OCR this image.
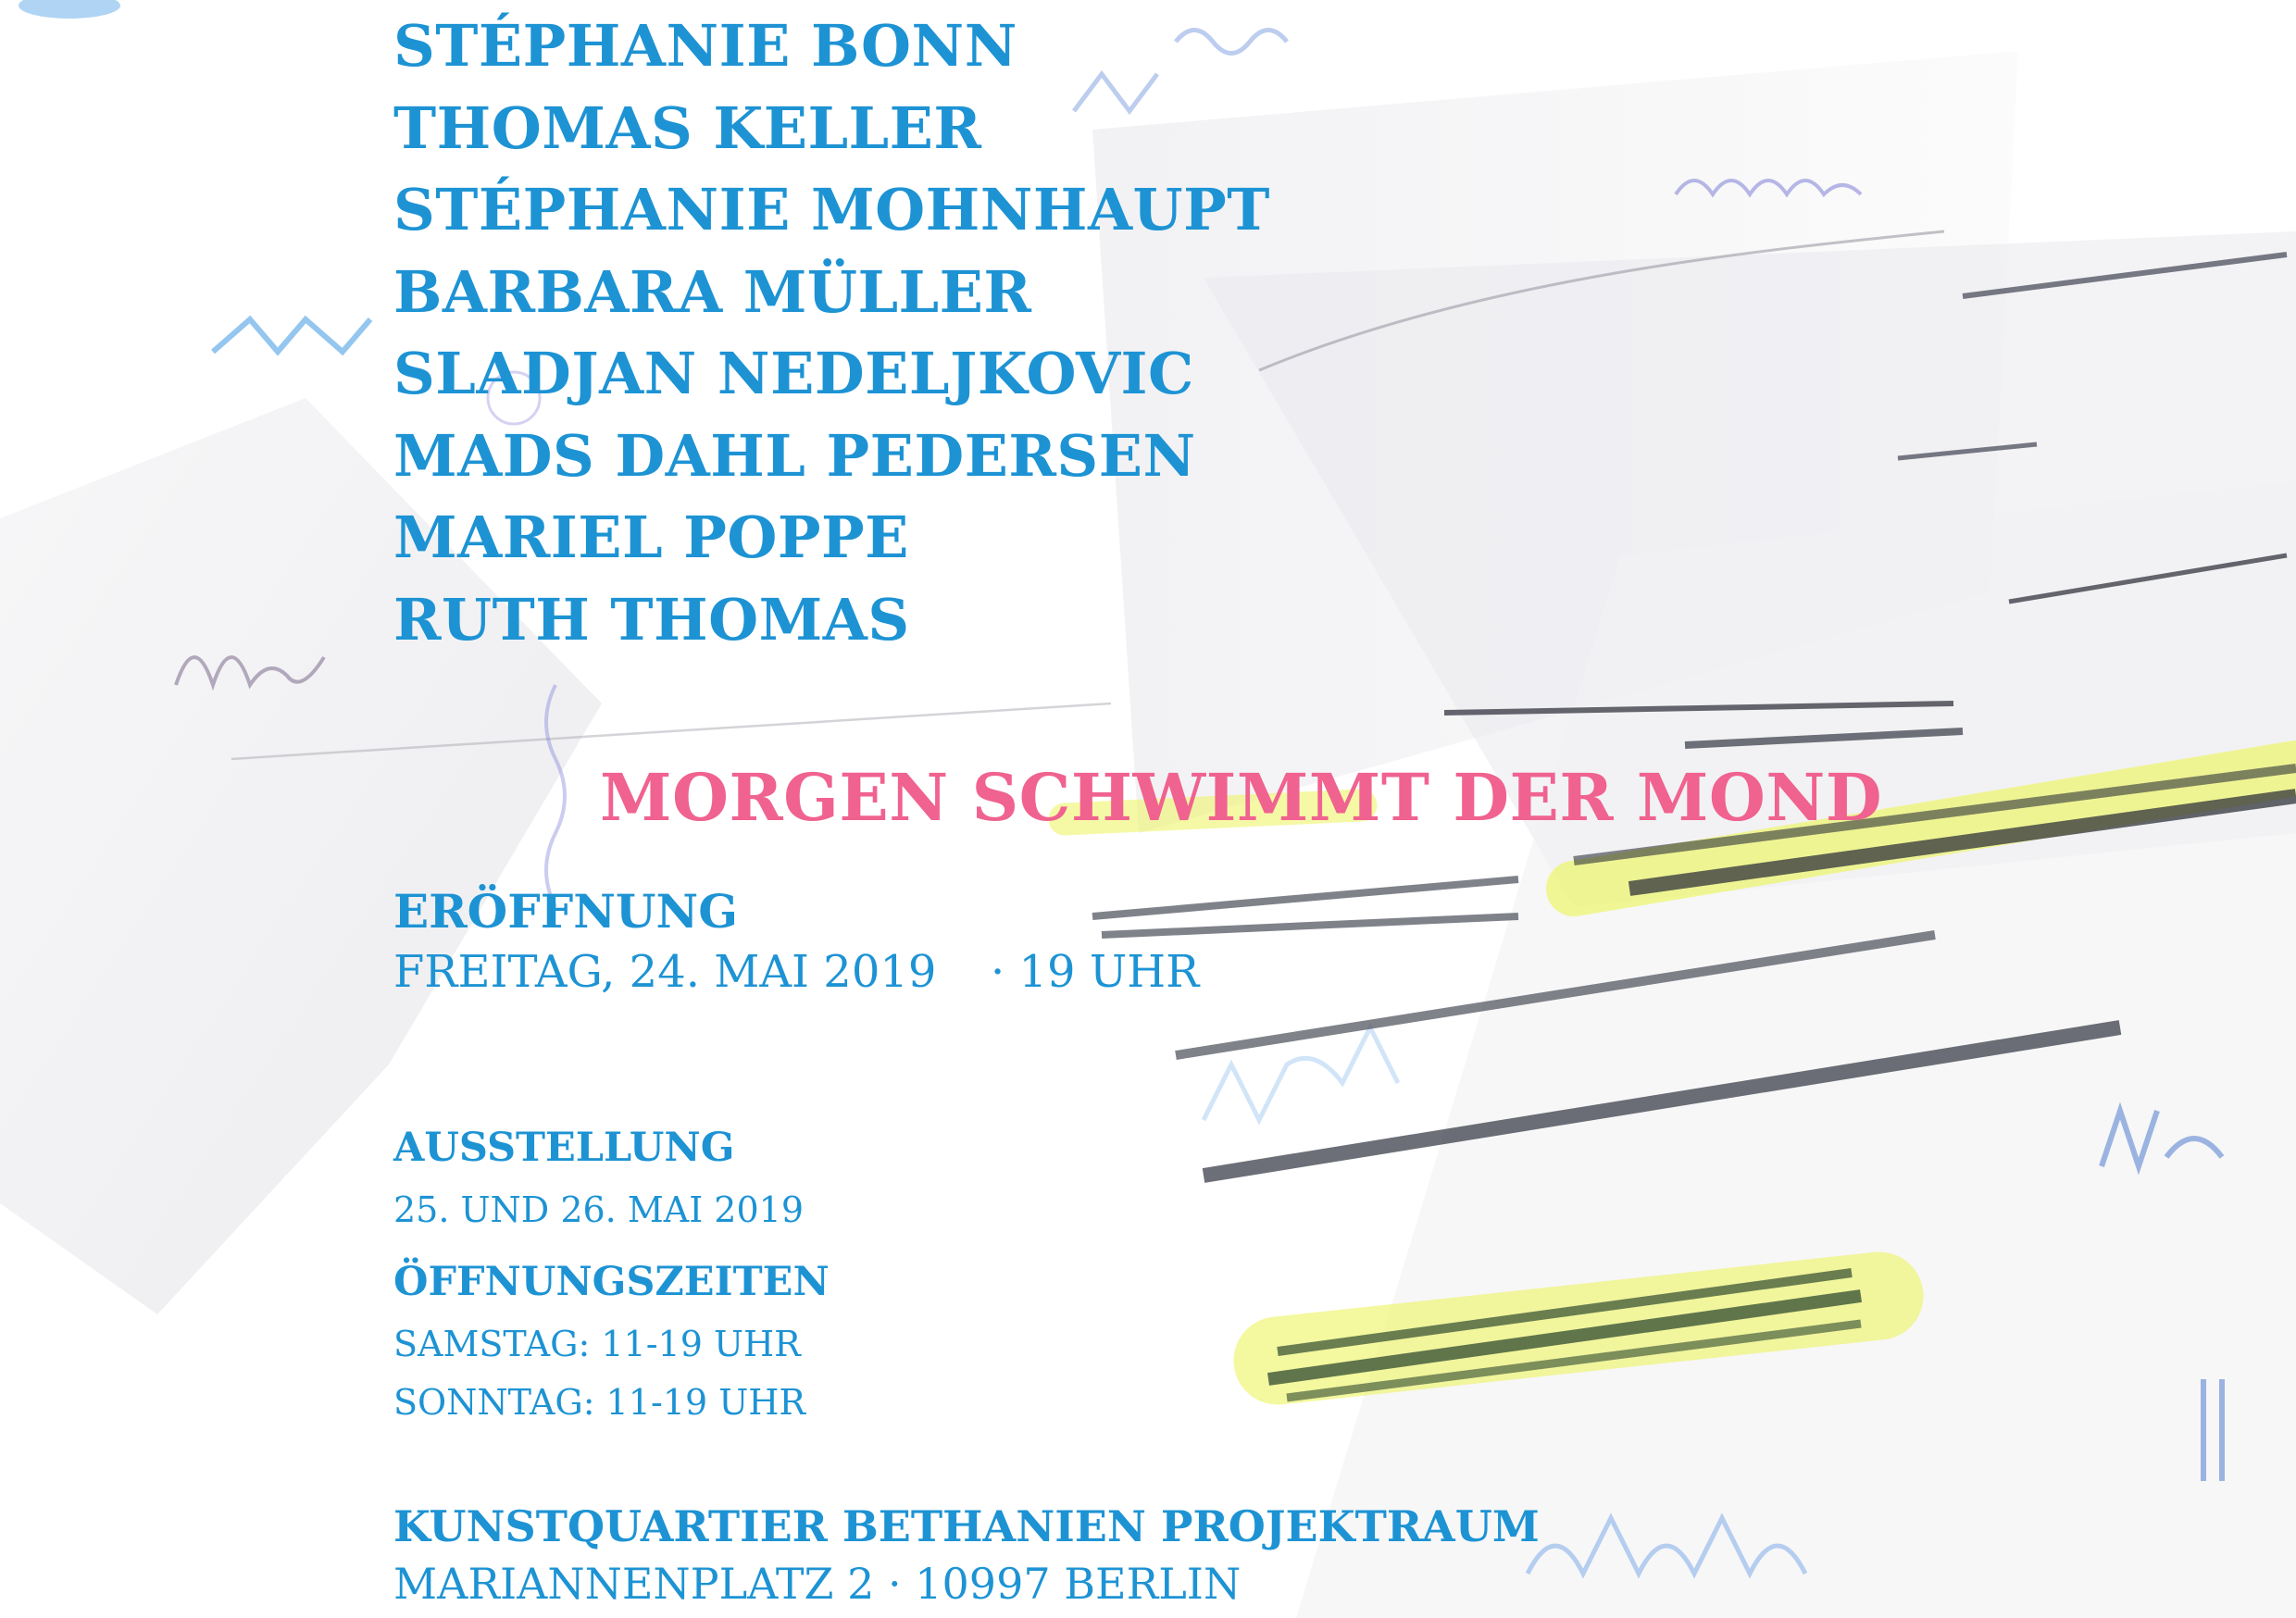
STÉPHANIE BONN
THOMAS KELLER
STÉPHANIE MOHNHAUPT
BARBARA MÜLLER
SLADJAN NEDELJKOVIC
MADS DAHL PEDERSEN
MARIEL POPPE
RUTH THOMAS
MORGEN SCHWIMMT DER MOND
ERÖFFNUNG
FREITAG, 24. MAI 2019 · 19 UHR
AUSSTELLUNG
25. UND 26. MAI 2019
ÖFFNUNGSZEITEN
SAMSTAG: 11-19 UHR
SONNTAG: 11-19 UHR
KUNSTQUARTIER BETHANIEN PROJEKTRAUM
MARIANNENPLATZ 2 · 10997 BERLIN
